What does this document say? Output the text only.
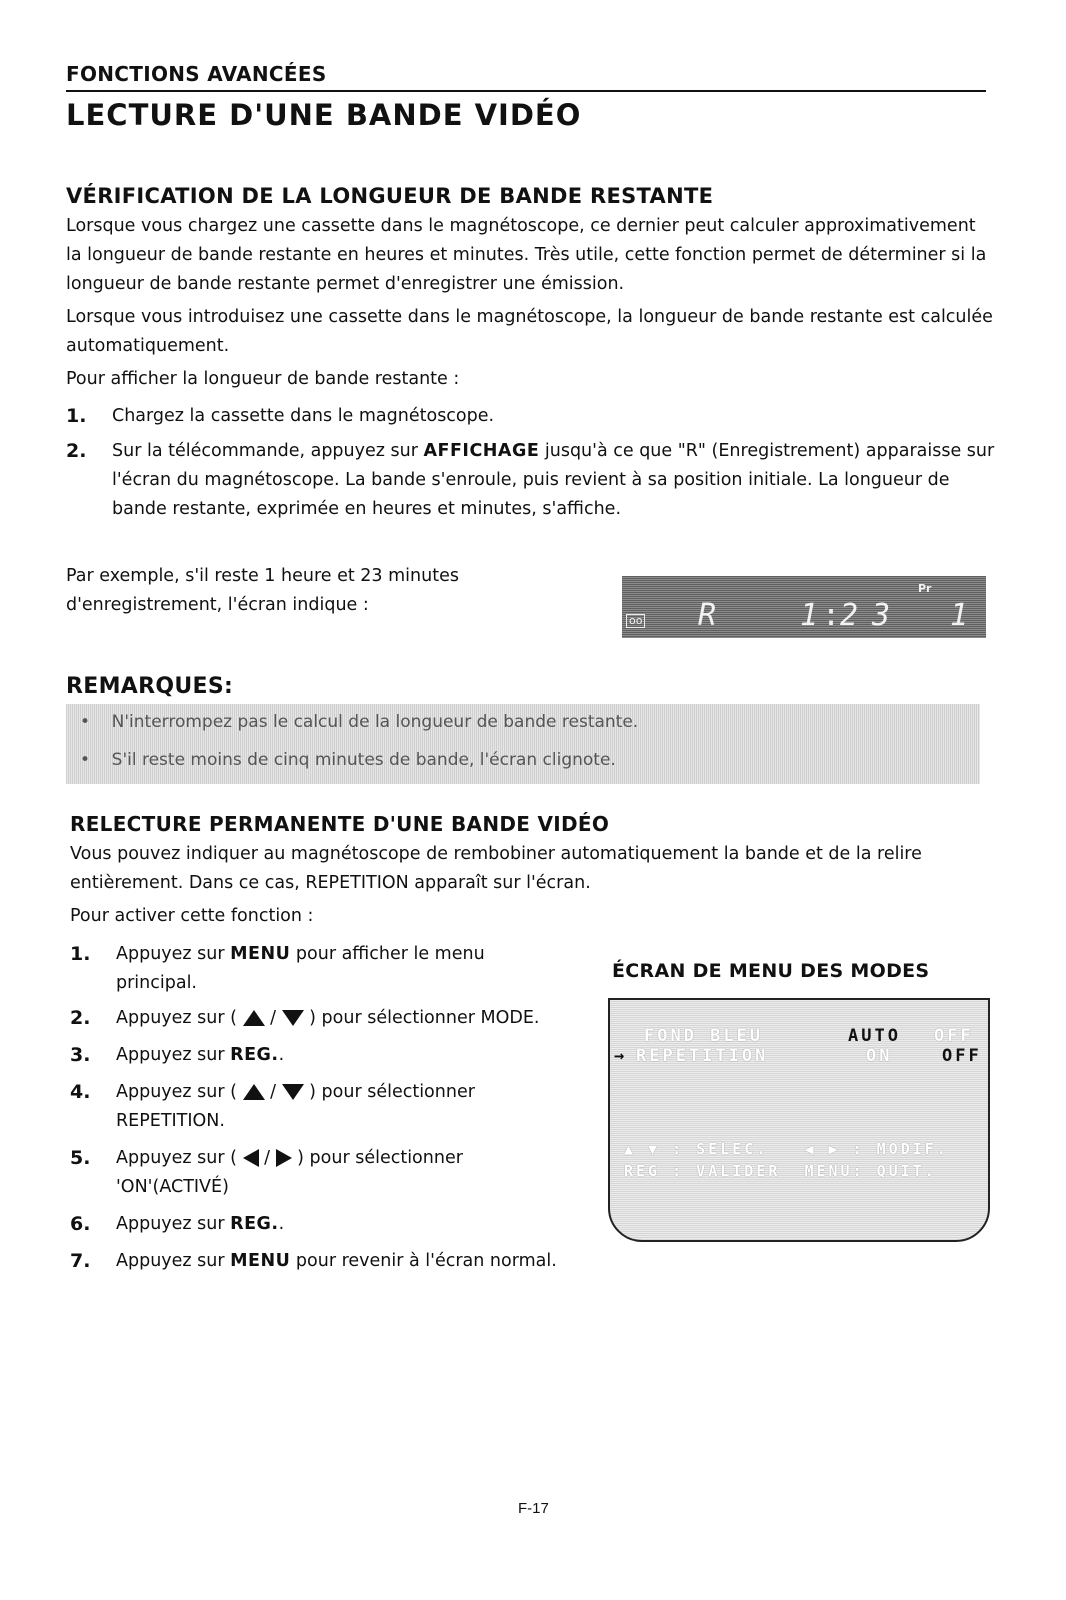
FONCTIONS AVANCÉES
LECTURE D'UNE BANDE VIDÉO
VÉRIFICATION DE LA LONGUEUR DE BANDE RESTANTE

Lorsque vous chargez une cassette dans le magnétoscope, ce dernier peut calculer approximativement la longueur de bande restante en heures et minutes. Très utile, cette fonction permet de déterminer si la longueur de bande restante permet d'enregistrer une émission.

Lorsque vous introduisez une cassette dans le magnétoscope, la longueur de bande restante est calculée automatiquement.

Pour afficher la longueur de bande restante :

1.	Chargez la cassette dans le magnétoscope.
2.	Sur la télécommande, appuyez sur AFFICHAGE jusqu'à ce que "R" (Enregistrement) apparaisse sur l'écran du magnétoscope. La bande s'enroule, puis revient à sa position initiale. La longueur de bande restante, exprimée en heures et minutes, s'affiche.
Par exemple, s'il reste 1 heure et 23 minutes d'enregistrement, l'écran indique :
oo R	1 : 23
Pr
1
REMARQUES:
•    N'interrompez pas le calcul de la longueur de bande restante.
•    S'il reste moins de cinq minutes de bande, l'écran clignote.
RELECTURE PERMANENTE D'UNE BANDE VIDÉO

Vous pouvez indiquer au magnétoscope de rembobiner automatiquement la bande et de la relire entièrement. Dans ce cas, REPETITION apparaît sur l'écran.

Pour activer cette fonction :

1.	Appuyez sur MENU pour afficher le menu principal.
2.	Appuyez sur (  /  ) pour sélectionner MODE.
3.	Appuyez sur REG..
4.	Appuyez sur (  /  ) pour sélectionner REPETITION.
5.	Appuyez sur (  /  ) pour sélectionner 'ON'(ACTIVÉ)
6.	Appuyez sur REG..
7.	Appuyez sur MENU pour revenir à l'écran normal.
ÉCRAN DE MENU DES MODES
FOND BLEU	AUTO OFF
→ REPETITION	ON	OFF
▲ ▼ : SELEC.   ◀ ▶ : MODIF.
REG : VALIDER  MENU: QUIT.
F-17
